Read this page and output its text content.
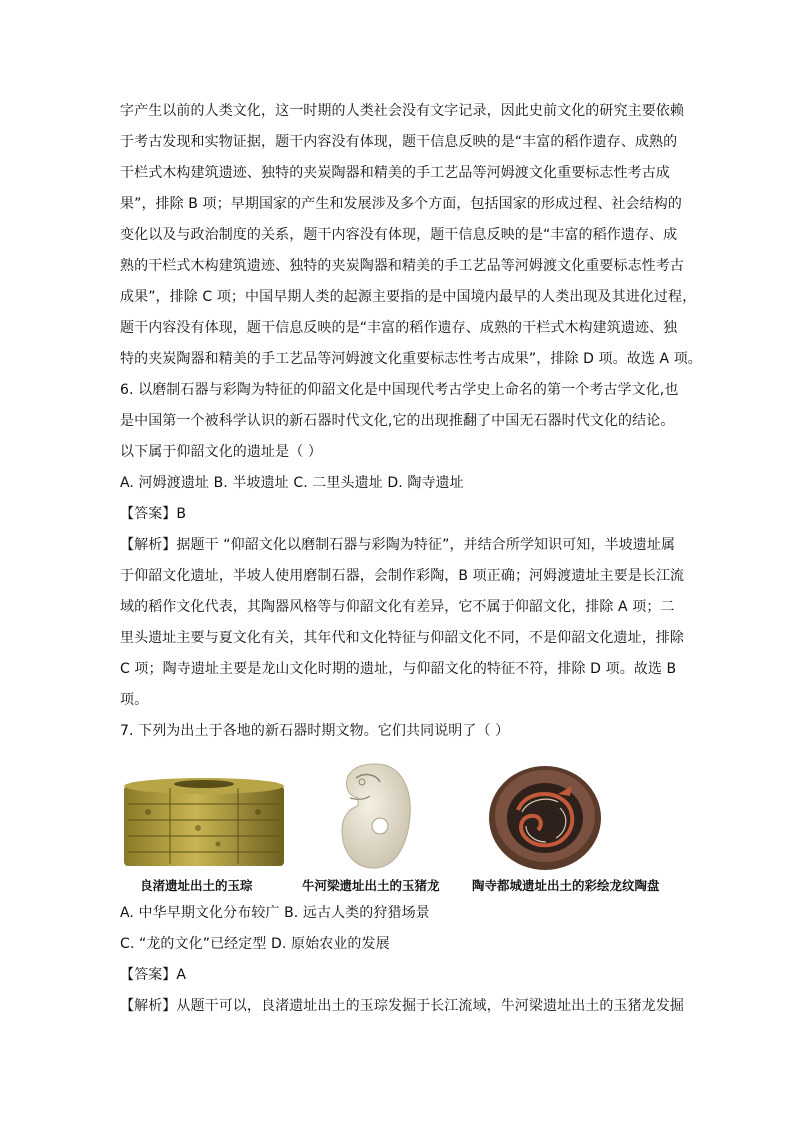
字产生以前的人类文化，这一时期的人类社会没有文字记录，因此史前文化的研究主要依赖
于考古发现和实物证据，题干内容没有体现，题干信息反映的是“丰富的稻作遗存、成熟的
干栏式木构建筑遗迹、独特的夹炭陶器和精美的手工艺品等河姆渡文化重要标志性考古成
果”，排除 B 项；早期国家的产生和发展涉及多个方面，包括国家的形成过程、社会结构的
变化以及与政治制度的关系，题干内容没有体现，题干信息反映的是“丰富的稻作遗存、成
熟的干栏式木构建筑遗迹、独特的夹炭陶器和精美的手工艺品等河姆渡文化重要标志性考古
成果”，排除 C 项；中国早期人类的起源主要指的是中国境内最早的人类出现及其进化过程，
题干内容没有体现，题干信息反映的是“丰富的稻作遗存、成熟的干栏式木构建筑遗迹、独
特的夹炭陶器和精美的手工艺品等河姆渡文化重要标志性考古成果”，排除 D 项。故选 A 项。
6. 以磨制石器与彩陶为特征的仰韶文化是中国现代考古学史上命名的第一个考古学文化,也
是中国第一个被科学认识的新石器时代文化,它的出现推翻了中国无石器时代文化的结论。
以下属于仰韶文化的遗址是（ ）
A. 河姆渡遗址 B. 半坡遗址 C. 二里头遗址 D. 陶寺遗址
【答案】B
【解析】据题干 “仰韶文化以磨制石器与彩陶为特征”，并结合所学知识可知，半坡遗址属
于仰韶文化遗址，半坡人使用磨制石器，会制作彩陶，B 项正确；河姆渡遗址主要是长江流
域的稻作文化代表，其陶器风格等与仰韶文化有差异，它不属于仰韶文化，排除 A 项；二
里头遗址主要与夏文化有关，其年代和文化特征与仰韶文化不同，不是仰韶文化遗址，排除
C 项；陶寺遗址主要是龙山文化时期的遗址，与仰韶文化的特征不符，排除 D 项。故选 B
项。
7. 下列为出土于各地的新石器时期文物。它们共同说明了（ ）
良渚遗址出土的玉琮	牛河梁遗址出土的玉猪龙	陶寺都城遗址出土的彩绘龙纹陶盘
A. 中华早期文化分布较广 B. 远古人类的狩猎场景
C. “龙的文化”已经定型 D. 原始农业的发展
【答案】A
【解析】从题干可以，良渚遗址出土的玉琮发掘于长江流域，牛河梁遗址出土的玉猪龙发掘
